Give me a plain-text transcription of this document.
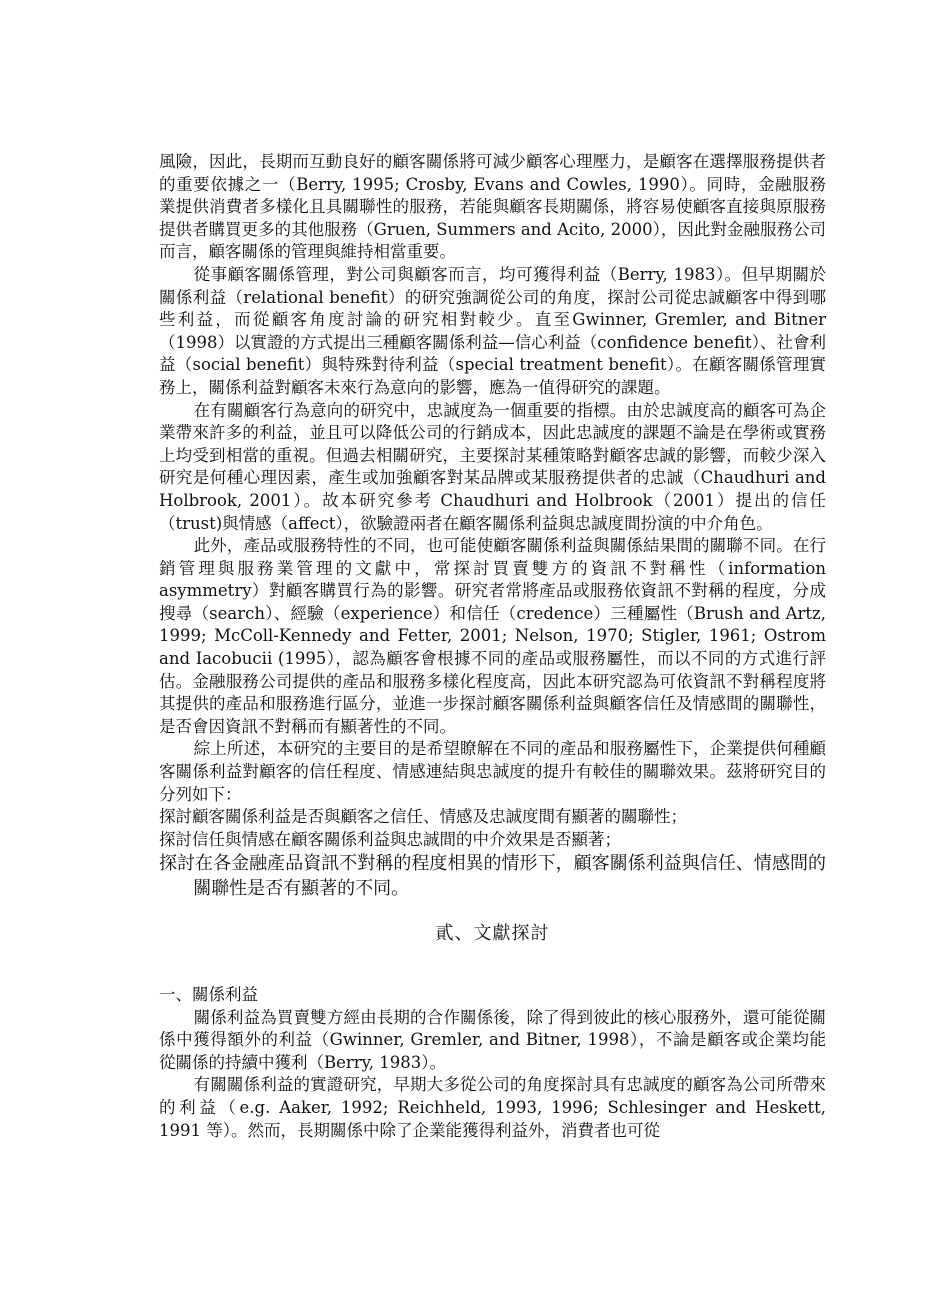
風險，因此，長期而互動良好的顧客關係將可減少顧客心理壓力，是顧客在選擇服務提供者的重要依據之一（Berry, 1995; Crosby, Evans and Cowles, 1990）。同時，金融服務業提供消費者多樣化且具關聯性的服務，若能與顧客長期關係，將容易使顧客直接與原服務提供者購買更多的其他服務（Gruen, Summers and Acito, 2000），因此對金融服務公司而言，顧客關係的管理與維持相當重要。

從事顧客關係管理，對公司與顧客而言，均可獲得利益（Berry, 1983）。但早期關於關係利益（relational benefit）的研究強調從公司的角度，探討公司從忠誠顧客中得到哪些利益，而從顧客角度討論的研究相對較少。直至Gwinner, Gremler, and Bitner（1998）以實證的方式提出三種顧客關係利益—信心利益（confidence benefit）、社會利益（social benefit）與特殊對待利益（special treatment benefit）。在顧客關係管理實務上，關係利益對顧客未來行為意向的影響，應為一值得研究的課題。

在有關顧客行為意向的研究中，忠誠度為一個重要的指標。由於忠誠度高的顧客可為企業帶來許多的利益，並且可以降低公司的行銷成本，因此忠誠度的課題不論是在學術或實務上均受到相當的重視。但過去相關研究，主要探討某種策略對顧客忠誠的影響，而較少深入研究是何種心理因素，產生或加強顧客對某品牌或某服務提供者的忠誠（Chaudhuri and Holbrook, 2001）。故本研究參考 Chaudhuri and Holbrook（2001）提出的信任（trust)與情感（affect），欲驗證兩者在顧客關係利益與忠誠度間扮演的中介角色。

此外，產品或服務特性的不同，也可能使顧客關係利益與關係結果間的關聯不同。在行銷管理與服務業管理的文獻中，常探討買賣雙方的資訊不對稱性（information asymmetry）對顧客購買行為的影響。研究者常將產品或服務依資訊不對稱的程度，分成搜尋（search）、經驗（experience）和信任（credence）三種屬性（Brush and Artz, 1999; McColl-Kennedy and Fetter, 2001; Nelson, 1970; Stigler, 1961; Ostrom and Iacobucii (1995），認為顧客會根據不同的產品或服務屬性，而以不同的方式進行評估。金融服務公司提供的產品和服務多樣化程度高，因此本研究認為可依資訊不對稱程度將其提供的產品和服務進行區分，並進一步探討顧客關係利益與顧客信任及情感間的關聯性，是否會因資訊不對稱而有顯著性的不同。

綜上所述，本研究的主要目的是希望瞭解在不同的產品和服務屬性下，企業提供何種顧客關係利益對顧客的信任程度、情感連結與忠誠度的提升有較佳的關聯效果。茲將研究目的分列如下：

探討顧客關係利益是否與顧客之信任、情感及忠誠度間有顯著的關聯性；

探討信任與情感在顧客關係利益與忠誠間的中介效果是否顯著；

探討在各金融產品資訊不對稱的程度相異的情形下，顧客關係利益與信任、情感間的關聯性是否有顯著的不同。

貳、文獻探討

一、關係利益

關係利益為買賣雙方經由長期的合作關係後，除了得到彼此的核心服務外，還可能從關係中獲得額外的利益（Gwinner, Gremler, and Bitner, 1998），不論是顧客或企業均能從關係的持續中獲利（Berry, 1983）。

有關關係利益的實證研究，早期大多從公司的角度探討具有忠誠度的顧客為公司所帶來的利益（e.g. Aaker, 1992; Reichheld, 1993, 1996; Schlesinger and Heskett, 1991 等）。然而，長期關係中除了企業能獲得利益外，消費者也可從
